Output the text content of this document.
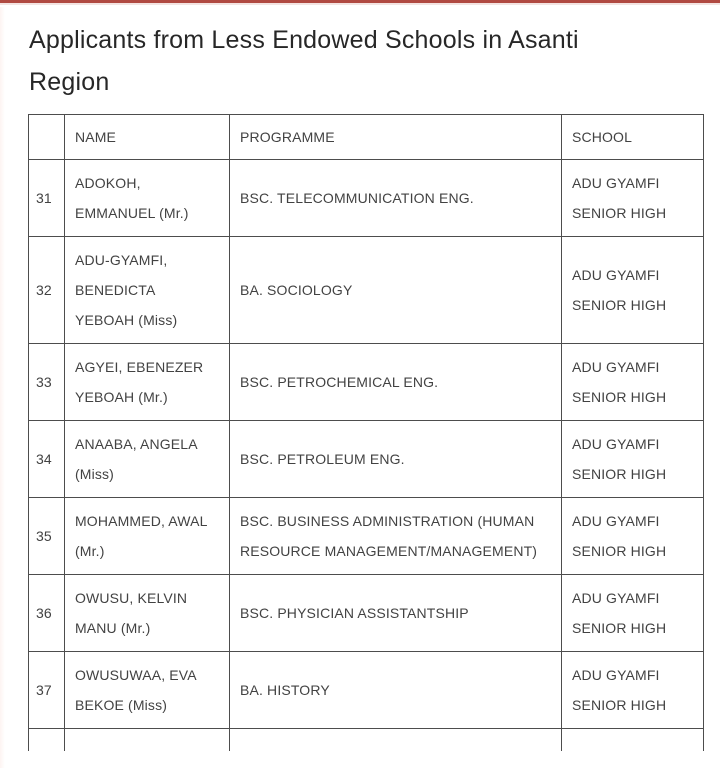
Applicants from Less Endowed Schools in Asanti Region
	NAME	PROGRAMME	SCHOOL
31	ADOKOH, EMMANUEL (Mr.)	BSC. TELECOMMUNICATION ENG.	ADU GYAMFI SENIOR HIGH
32	ADU-GYAMFI, BENEDICTA YEBOAH (Miss)	BA. SOCIOLOGY	ADU GYAMFI SENIOR HIGH
33	AGYEI, EBENEZER YEBOAH (Mr.)	BSC. PETROCHEMICAL ENG.	ADU GYAMFI SENIOR HIGH
34	ANAABA, ANGELA (Miss)	BSC. PETROLEUM ENG.	ADU GYAMFI SENIOR HIGH
35	MOHAMMED, AWAL (Mr.)	BSC. BUSINESS ADMINISTRATION (HUMAN RESOURCE MANAGEMENT/MANAGEMENT)	ADU GYAMFI SENIOR HIGH
36	OWUSU, KELVIN MANU (Mr.)	BSC. PHYSICIAN ASSISTANTSHIP	ADU GYAMFI SENIOR HIGH
37	OWUSUWAA, EVA BEKOE (Miss)	BA. HISTORY	ADU GYAMFI SENIOR HIGH
